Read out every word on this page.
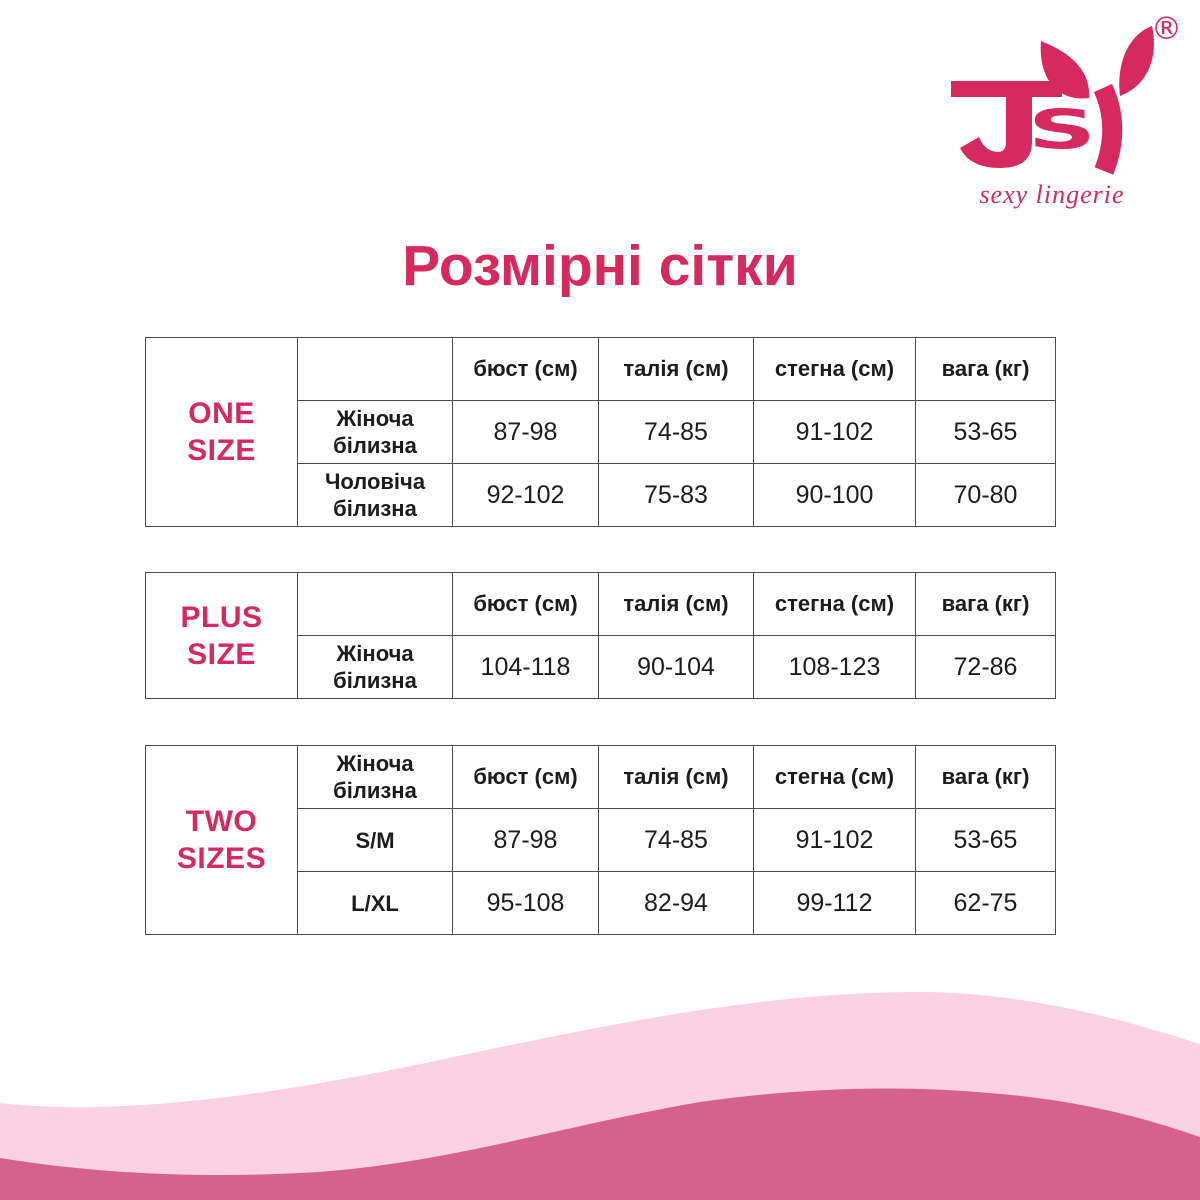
®
S
sexy lingerie
Розмірні сітки
ONE
SIZE		бюст (см)	талія (см)	стегна (см)	вага (кг)
	Жіноча білизна	87-98	74-85	91-102	53-65
	Чоловіча білизна	92-102	75-83	90-100	70-80
PLUS
SIZE		бюст (см)	талія (см)	стегна (см)	вага (кг)
	Жіноча білизна	104-118	90-104	108-123	72-86
TWO
SIZES	Жіноча білизна	бюст (см)	талія (см)	стегна (см)	вага (кг)
	S/M	87-98	74-85	91-102	53-65
	L/XL	95-108	82-94	99-112	62-75
